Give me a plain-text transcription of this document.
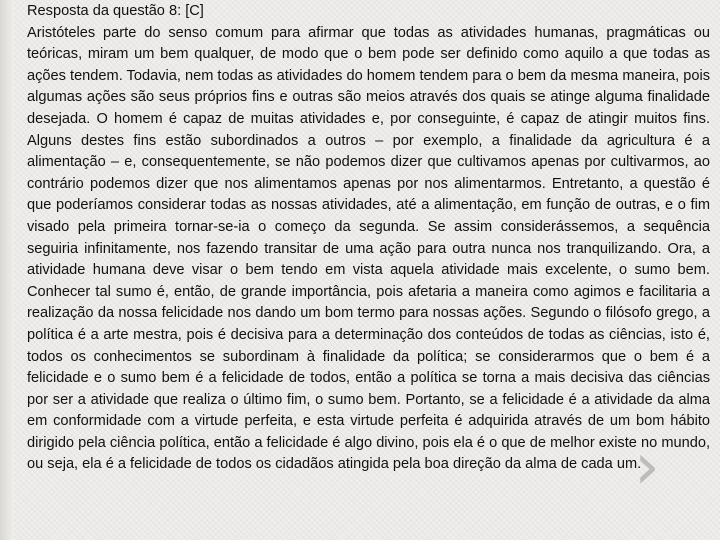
Resposta da questão 8: [C]
Aristóteles parte do senso comum para afirmar que todas as atividades humanas, pragmáticas ou teóricas, miram um bem qualquer, de modo que o bem pode ser definido como aquilo a que todas as ações tendem. Todavia, nem todas as atividades do homem tendem para o bem da mesma maneira, pois algumas ações são seus próprios fins e outras são meios através dos quais se atinge alguma finalidade desejada. O homem é capaz de muitas atividades e, por conseguinte, é capaz de atingir muitos fins. Alguns destes fins estão subordinados a outros – por exemplo, a finalidade da agricultura é a alimentação – e, consequentemente, se não podemos dizer que cultivamos apenas por cultivarmos, ao contrário podemos dizer que nos alimentamos apenas por nos alimentarmos. Entretanto, a questão é que poderíamos considerar todas as nossas atividades, até a alimentação, em função de outras, e o fim visado pela primeira tornar-se-ia o começo da segunda. Se assim considerássemos, a sequência seguiria infinitamente, nos fazendo transitar de uma ação para outra nunca nos tranquilizando. Ora, a atividade humana deve visar o bem tendo em vista aquela atividade mais excelente, o sumo bem. Conhecer tal sumo é, então, de grande importância, pois afetaria a maneira como agimos e facilitaria a realização da nossa felicidade nos dando um bom termo para nossas ações. Segundo o filósofo grego, a política é a arte mestra, pois é decisiva para a determinação dos conteúdos de todas as ciências, isto é, todos os conhecimentos se subordinam à finalidade da política; se considerarmos que o bem é a felicidade e o sumo bem é a felicidade de todos, então a política se torna a mais decisiva das ciências por ser a atividade que realiza o último fim, o sumo bem. Portanto, se a felicidade é a atividade da alma em conformidade com a virtude perfeita, e esta virtude perfeita é adquirida através de um bom hábito dirigido pela ciência política, então a felicidade é algo divino, pois ela é o que de melhor existe no mundo, ou seja, ela é a felicidade de todos os cidadãos atingida pela boa direção da alma de cada um.
›
